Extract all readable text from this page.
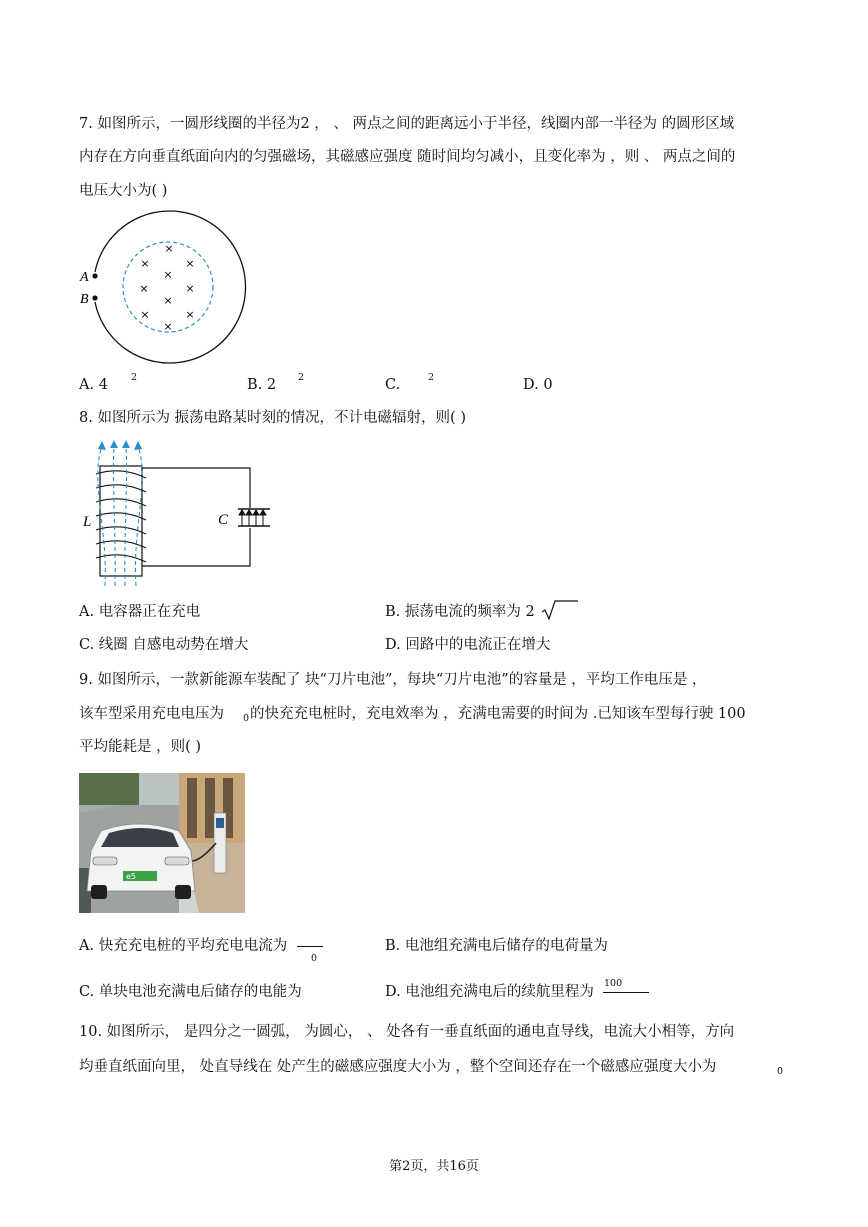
7. 如图所示，一圆形线圈的半径为2 ， 、 两点之间的距离远小于半径，线圈内部一半径为 的圆形区域
内存在方向垂直纸面向内的匀强磁场，其磁感应强度 随时间均匀减小，且变化率为 ，则 、 两点之间的
电压大小为( )
A
B
×
×	×
×
×	×
×
×	×
×
A. 4 2	B. 2 2	C.	2	D. 0
8. 如图所示为 振荡电路某时刻的情况，不计电磁辐射，则( )
L	C
A. 电容器正在充电	B. 振荡电流的频率为 2
C. 线圈 自感电动势在增大	D. 回路中的电流正在增大
9. 如图所示，一款新能源车装配了 块“刀片电池”，每块“刀片电池”的容量是 ，平均工作电压是 ，
该车型采用充电电压为 0 的快充充电桩时，充电效率为 ，充满电需要的时间为 .已知该车型每行驶 100
平均能耗是 ，则( )
e5
A. 快充充电桩的平均充电电流为
0
B. 电池组充满电后储存的电荷量为
C. 单块电池充满电后储存的电能为	D. 电池组充满电后的续航里程为
100
10. 如图所示， 是四分之一圆弧， 为圆心， 、 处各有一垂直纸面的通电直导线，电流大小相等，方向
均垂直纸面向里， 处直导线在 处产生的磁感应强度大小为 ，整个空间还存在一个磁感应强度大小为	0
第2页，共16页
